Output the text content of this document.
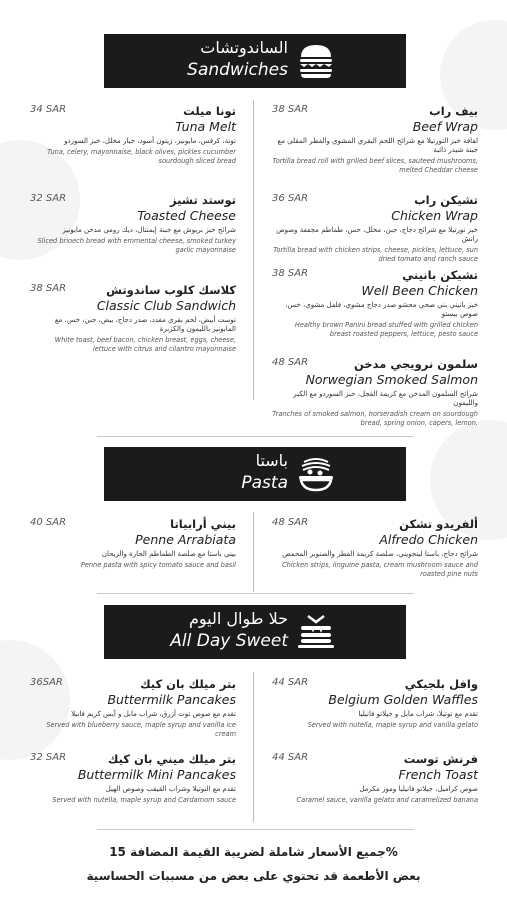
الساندوتشات
Sandwiches
34 SAR	تونا ميلت
Tuna Melt
تونة، كرفس، مايونيز، زيتون أسود، خيار مخلل، خبز السوردو
Tuna, celery, mayonnaise, black olives, pickles cucumber sourdough sliced bread
32 SAR	توستد تشيز
Toasted Cheese
شرائح خبز بريوش مع جبنة إيمنتال، ديك رومي مدخن مايونيز
Sliced brioech bread with emmental cheese, smoked turkey garlic mayonnaise
38 SAR	كلاسك كلوب ساندوتش
Classic Club Sandwich
توست أبيض، لحم بقري مقدد، صدر دجاج، بيض، جبن، خس، مع المايونيز بالليمون والكزبرة
White toast, beef bacon, chicken breast, eggs, cheese, lettuce with citrus and cilantro mayonnaise
38 SAR	بيف راب
Beef Wrap
لفافة خبز التورتيلا مع شرائح اللحم البقري المشوي والفطر المقلي مع جبنة شيدر ذائبة
Tortilla bread roll with grilled beef slices, sauteed mushrooms, melted Cheddar cheese
36 SAR	تشيكن راب
Chicken Wrap
خبز تورتيلا مع شرائح دجاج، جبن، مخلل، خس، طماطم مجففة وصوص رانش
Tortilla bread with chicken strips, cheese, pickles, lettuce, sun dried tomato and ranch sauce
38 SAR	تشيكن بانيني
Well Been Chicken
خبز بانيني بني صحي محشو صدر دجاج مشوي، فلفل مشوي، خس، صوص بيستو
Healthy brown Panini bread stuffed with grilled chicken breast roasted peppers, lettuce, pesto sauce
48 SAR	سلمون نرويجي مدخن
Norwegian Smoked Salmon
شرائح السلمون المدخن مع كريمة الفجل، خبز السوردو مع الكبر والليمون
Tranches of smoked salmon, horseradish cream on sourdough bread, spring onion, capers, lemon.
باستا
Pasta
40 SAR	بيني أرابياتا
Penne Arrabiata
بيني باستا مع صلصة الطماطم الحارة والريحان
Penne pasta with spicy tomato sauce and basil
48 SAR	ألفريدو تشكن
Alfredo Chicken
شرائح دجاج، باستا لينجويني، صلصة كريمة الفطر والصنوبر المحمص
Chicken strips, linguine pasta, cream mushroom sauce and roasted pine nuts
حلا طوال اليوم
All Day Sweet
36SAR	بتر ميلك بان كيك
Buttermilk Pancakes
تقدم مع صوص توت أزرق، شراب مابل و آيس كريم فانيلا
Served with blueberry sauce, maple syrup and vanilla ice cream
32 SAR	بتر ميلك ميني بان كيك
Buttermilk Mini Pancakes
تقدم مع النوتيلا وشراب القيقب وصوص الهيل
Served with nutella, maple syrup and Cardamom sauce
44 SAR	وافل بلجيكي
Belgium Golden Waffles
تقدم مع نوتيلا، شراب مابل و جيلاتو فانيليا
Served with nutella, maple syrup and vanilla gelato
44 SAR	فرنش توست
French Toast
صوص كراميل، جيلاتو فانيليا وموز مكرمل
Caramel sauce, vanilla gelato and caramelized banana
جميع الأسعار شاملة لضريبة القيمة المضافة 15%
بعض الأطعمة قد تحتوي على بعض من مسببات الحساسية
